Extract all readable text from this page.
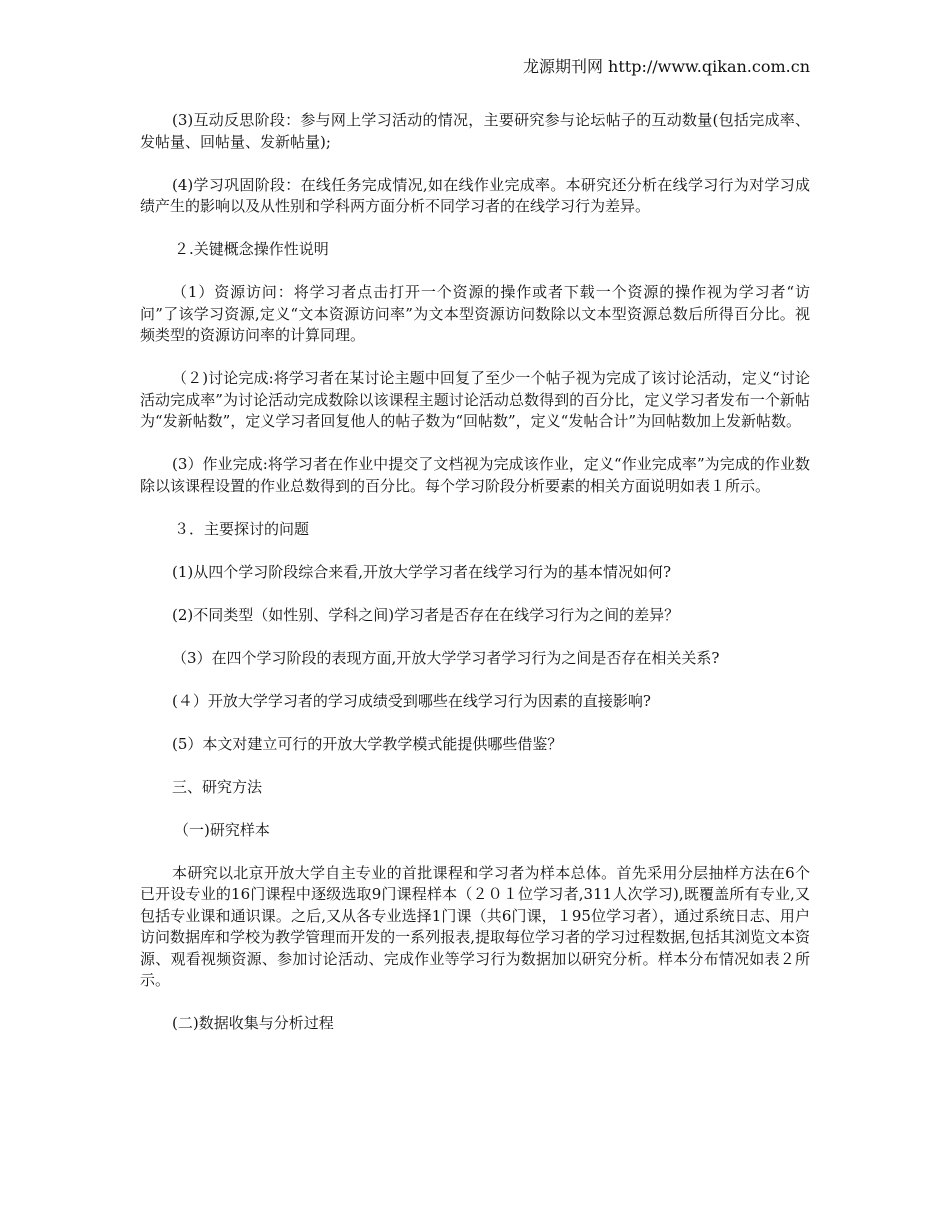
龙源期刊网 http://www.qikan.com.cn

(3)互动反思阶段：参与网上学习活动的情况，主要研究参与论坛帖子的互动数量(包括完成率、发帖量、回帖量、发新帖量);

(4)学习巩固阶段：在线任务完成情况,如在线作业完成率。本研究还分析在线学习行为对学习成绩产生的影响以及从性别和学科两方面分析不同学习者的在线学习行为差异。

２.关键概念操作性说明

（1）资源访问：将学习者点击打开一个资源的操作或者下载一个资源的操作视为学习者“访问”了该学习资源,定义“文本资源访问率”为文本型资源访问数除以文本型资源总数后所得百分比。视频类型的资源访问率的计算同理。

（２)讨论完成:将学习者在某讨论主题中回复了至少一个帖子视为完成了该讨论活动，定义“讨论活动完成率”为讨论活动完成数除以该课程主题讨论活动总数得到的百分比，定义学习者发布一个新帖为“发新帖数”，定义学习者回复他人的帖子数为“回帖数”，定义“发帖合计”为回帖数加上发新帖数。

(3）作业完成:将学习者在作业中提交了文档视为完成该作业，定义“作业完成率”为完成的作业数除以该课程设置的作业总数得到的百分比。每个学习阶段分析要素的相关方面说明如表１所示。

３．主要探讨的问题

(1)从四个学习阶段综合来看,开放大学学习者在线学习行为的基本情况如何?

(2)不同类型（如性别、学科之间)学习者是否存在在线学习行为之间的差异？

（3）在四个学习阶段的表现方面,开放大学学习者学习行为之间是否存在相关关系?

(４）开放大学学习者的学习成绩受到哪些在线学习行为因素的直接影响?

(5）本文对建立可行的开放大学教学模式能提供哪些借鉴？

三、研究方法

（一)研究样本

本研究以北京开放大学自主专业的首批课程和学习者为样本总体。首先采用分层抽样方法在6个已开设专业的16门课程中逐级选取9门课程样本（２０１位学习者,311人次学习),既覆盖所有专业,又包括专业课和通识课。之后,又从各专业选择1门课（共6门课，１95位学习者），通过系统日志、用户访问数据库和学校为教学管理而开发的一系列报表,提取每位学习者的学习过程数据,包括其浏览文本资源、观看视频资源、参加讨论活动、完成作业等学习行为数据加以研究分析。样本分布情况如表２所示。

(二)数据收集与分析过程
